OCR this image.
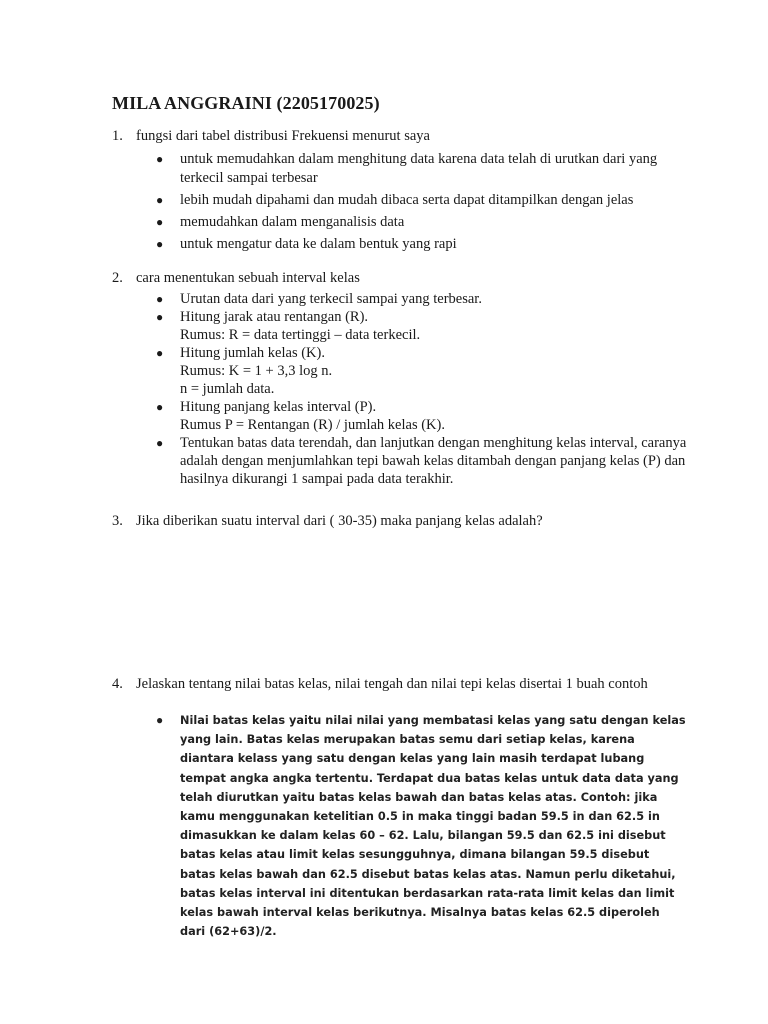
MILA ANGGRAINI (2205170025)
1. fungsi dari tabel distribusi Frekuensi menurut saya
● untuk memudahkan dalam menghitung data karena data telah di urutkan dari yang terkecil sampai terbesar
● lebih mudah dipahami dan mudah dibaca serta dapat ditampilkan dengan jelas
● memudahkan dalam menganalisis data
● untuk mengatur data ke dalam bentuk yang rapi
2. cara menentukan sebuah interval kelas
● Urutan data dari yang terkecil sampai yang terbesar.
● Hitung jarak atau rentangan (R).
Rumus: R = data tertinggi – data terkecil.
● Hitung jumlah kelas (K).
Rumus: K = 1 + 3,3 log n.
n = jumlah data.
● Hitung panjang kelas interval (P).
Rumus P = Rentangan (R) / jumlah kelas (K).
● Tentukan batas data terendah, dan lanjutkan dengan menghitung kelas interval, caranya adalah dengan menjumlahkan tepi bawah kelas ditambah dengan panjang kelas (P) dan hasilnya dikurangi 1 sampai pada data terakhir.
3. Jika diberikan suatu interval dari ( 30-35) maka panjang kelas adalah?
4. Jelaskan tentang nilai batas kelas, nilai tengah dan nilai tepi kelas disertai 1 buah contoh
● Nilai batas kelas yaitu nilai nilai yang membatasi kelas yang satu dengan kelas yang lain. Batas kelas merupakan batas semu dari setiap kelas, karena diantara kelass yang satu dengan kelas yang lain masih terdapat lubang tempat angka angka tertentu. Terdapat dua batas kelas untuk data data yang telah diurutkan yaitu batas kelas bawah dan batas kelas atas. Contoh: jika kamu menggunakan ketelitian 0.5 in maka tinggi badan 59.5 in dan 62.5 in dimasukkan ke dalam kelas 60 – 62. Lalu, bilangan 59.5 dan 62.5 ini disebut batas kelas atau limit kelas sesungguhnya, dimana bilangan 59.5 disebut batas kelas bawah dan 62.5 disebut batas kelas atas. Namun perlu diketahui, batas kelas interval ini ditentukan berdasarkan rata-rata limit kelas dan limit kelas bawah interval kelas berikutnya. Misalnya batas kelas 62.5 diperoleh dari (62+63)/2.
